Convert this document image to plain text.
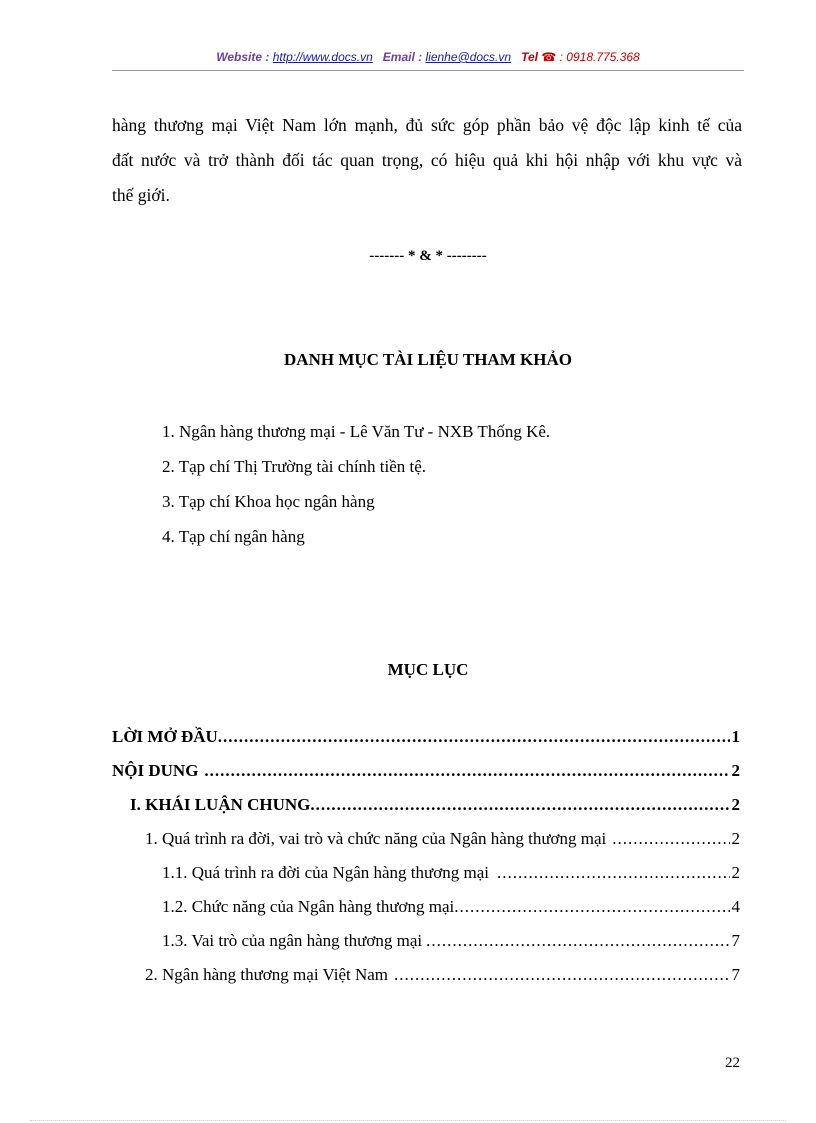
Website : http://www.docs.vn Email : lienhe@docs.vn Tel ☎ : 0918.775.368
hàng thương mại Việt Nam lớn mạnh, đủ sức góp phần bảo vệ độc lập kinh tế của
đất nước và trở thành đối tác quan trọng, có hiệu quả khi hội nhập với khu vực và
thế giới.
------- * & * --------
DANH MỤC TÀI LIỆU THAM KHẢO
1. Ngân hàng thương mại - Lê Văn Tư - NXB Thống Kê.
2. Tạp chí Thị Trường tài chính tiền tệ.
3. Tạp chí Khoa học ngân hàng
4. Tạp chí ngân hàng
MỤC LỤC
LỜI MỞ ĐẦU .....	1
NỘI DUNG .....	2
I. KHÁI LUẬN CHUNG .....	2
1. Quá trình ra đời, vai trò và chức năng của Ngân hàng thương mại .....	2
1.1. Quá trình ra đời của Ngân hàng thương mại .....	2
1.2. Chức năng của Ngân hàng thương mại .....	4
1.3. Vai trò của ngân hàng thương mại .....	7
2. Ngân hàng thương mại Việt Nam .....	7
22
